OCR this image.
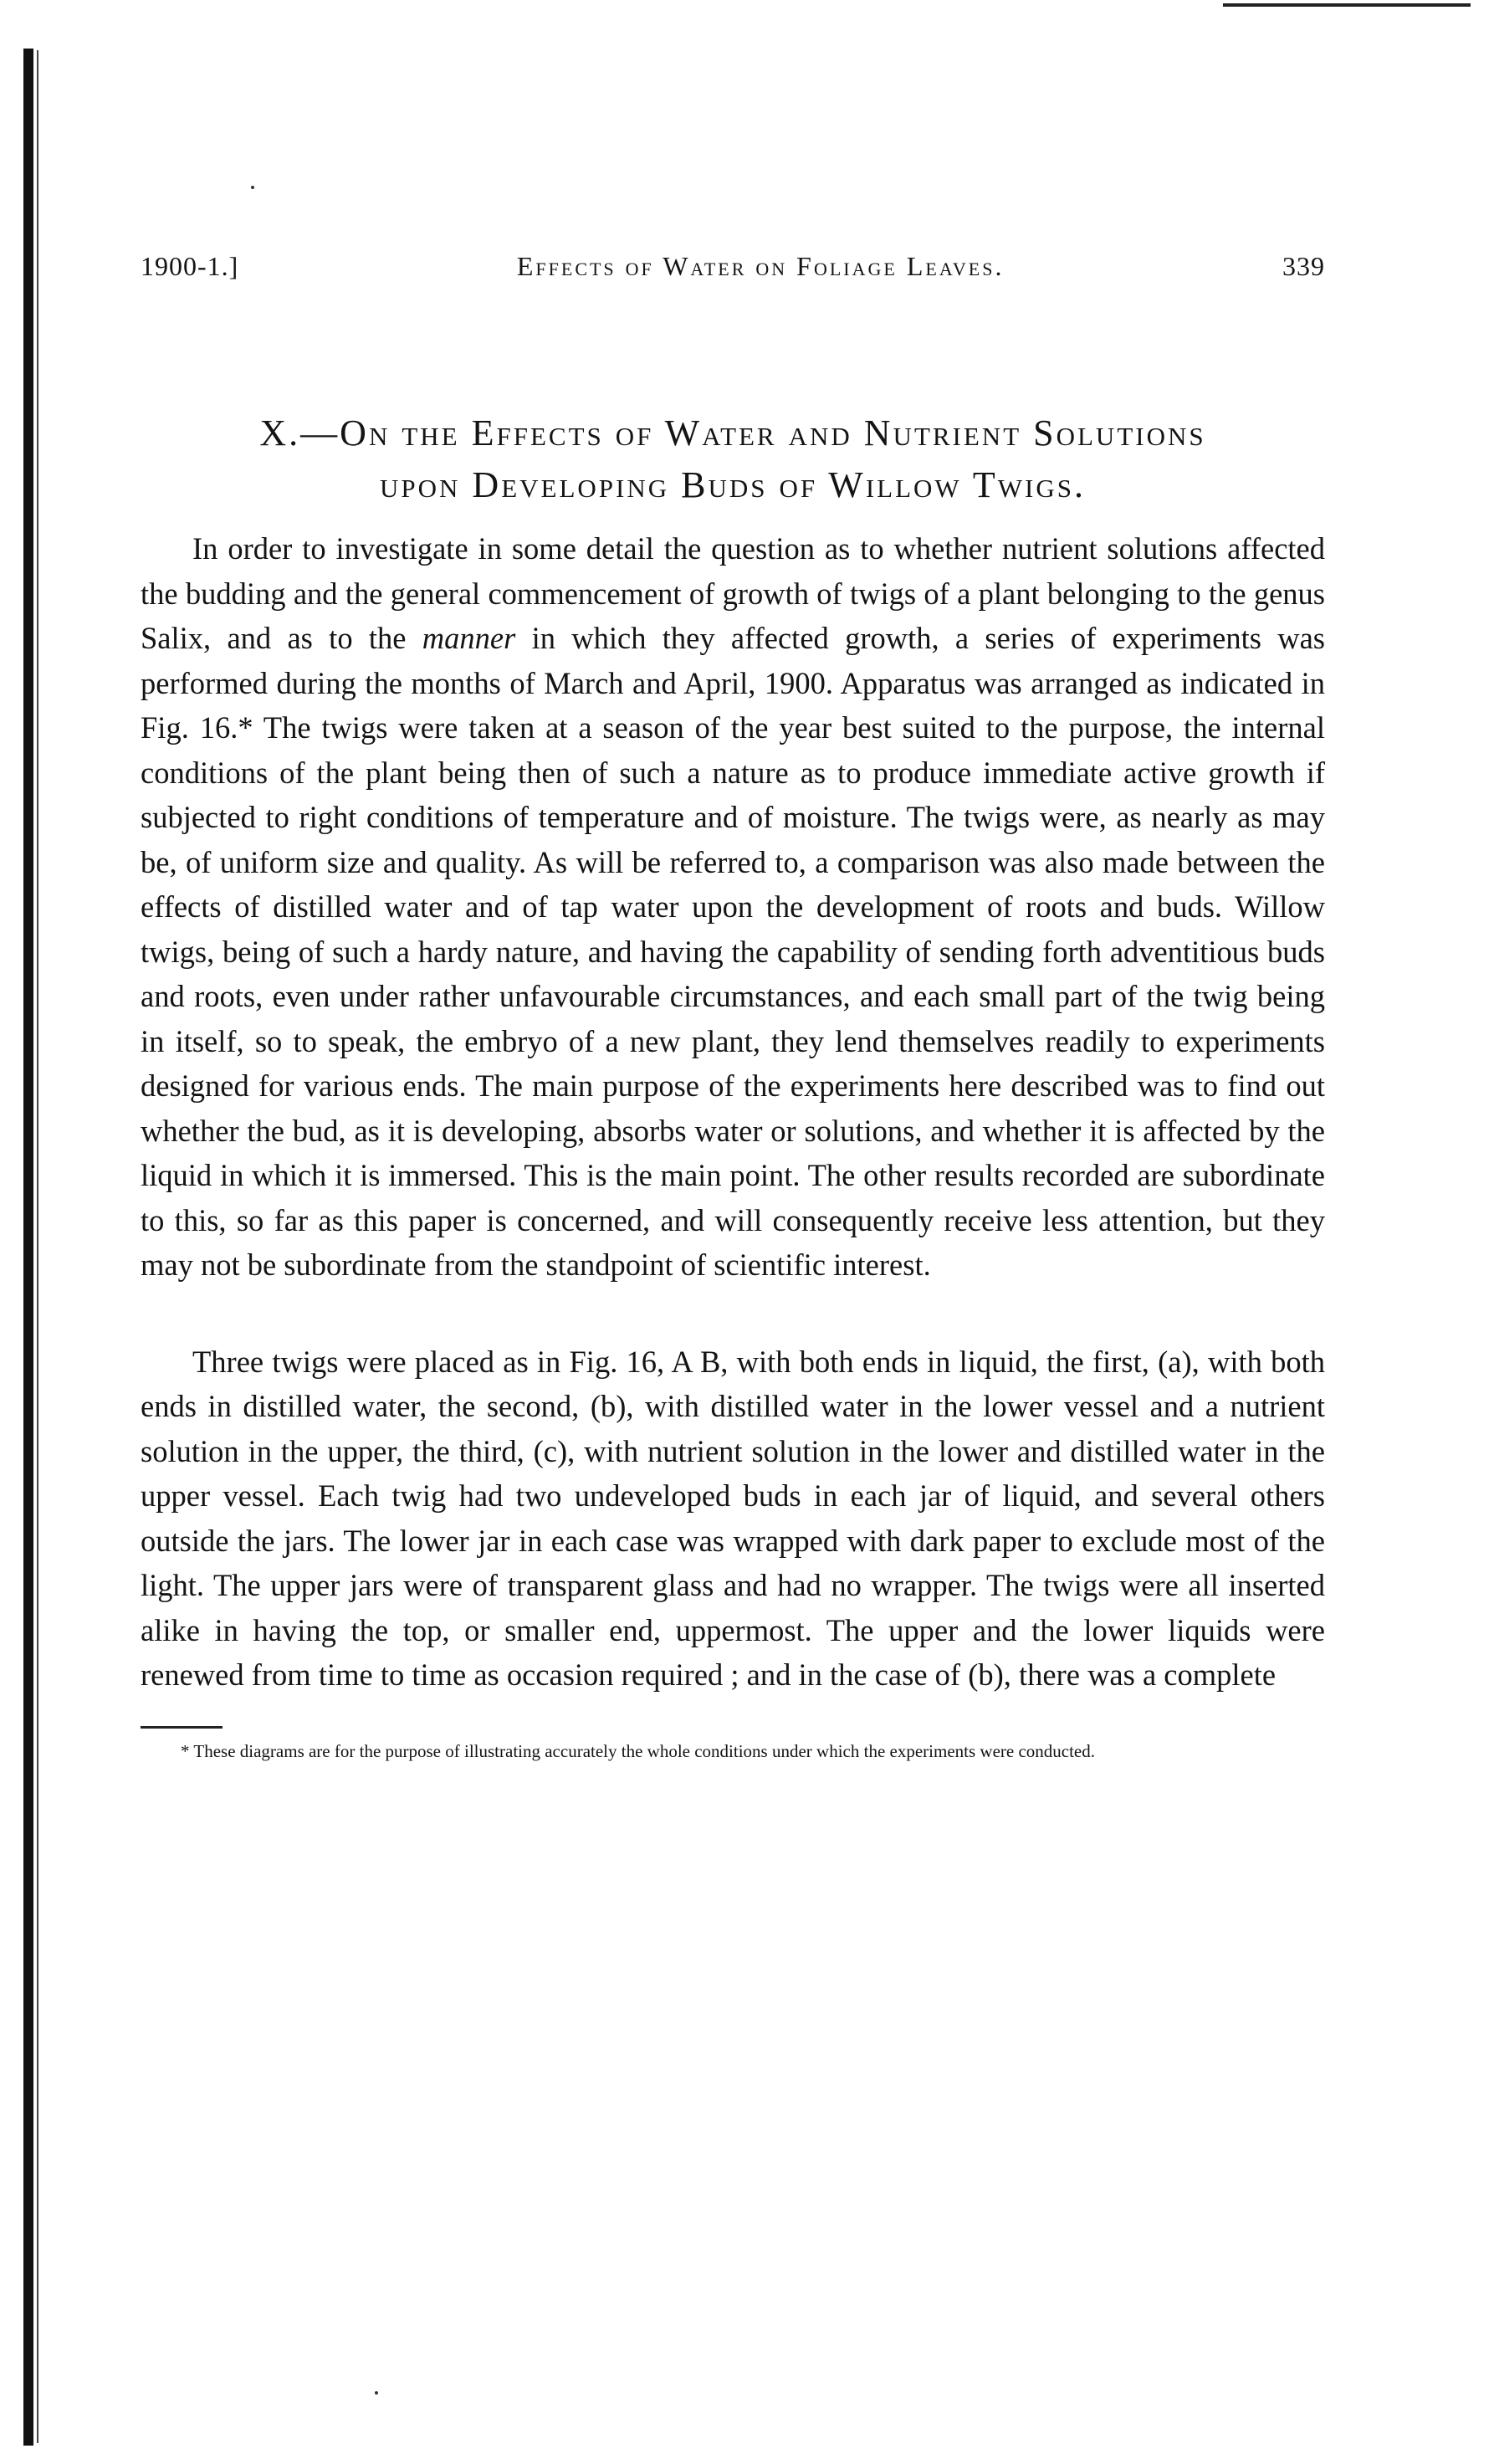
1900-1.]	Effects of Water on Foliage Leaves.	339
X.—On the Effects of Water and Nutrient Solutions
upon Developing Buds of Willow Twigs.

In order to investigate in some detail the question as to whether nutrient solutions affected the budding and the general commencement of growth of twigs of a plant belonging to the genus Salix, and as to the manner in which they affected growth, a series of experiments was performed during the months of March and April, 1900. Apparatus was arranged as indicated in Fig. 16.* The twigs were taken at a season of the year best suited to the purpose, the internal conditions of the plant being then of such a nature as to produce immediate active growth if subjected to right conditions of temperature and of moisture. The twigs were, as nearly as may be, of uniform size and quality. As will be referred to, a comparison was also made between the effects of distilled water and of tap water upon the development of roots and buds. Willow twigs, being of such a hardy nature, and having the capability of sending forth adventitious buds and roots, even under rather unfavourable circumstances, and each small part of the twig being in itself, so to speak, the embryo of a new plant, they lend themselves readily to experiments designed for various ends. The main purpose of the experiments here described was to find out whether the bud, as it is developing, absorbs water or solutions, and whether it is affected by the liquid in which it is immersed. This is the main point. The other results recorded are subordinate to this, so far as this paper is concerned, and will consequently receive less attention, but they may not be subordinate from the standpoint of scientific interest.

Three twigs were placed as in Fig. 16, A B, with both ends in liquid, the first, (a), with both ends in distilled water, the second, (b), with distilled water in the lower vessel and a nutrient solution in the upper, the third, (c), with nutrient solution in the lower and distilled water in the upper vessel. Each twig had two undeveloped buds in each jar of liquid, and several others outside the jars. The lower jar in each case was wrapped with dark paper to exclude most of the light. The upper jars were of transparent glass and had no wrapper. The twigs were all inserted alike in having the top, or smaller end, uppermost. The upper and the lower liquids were renewed from time to time as occasion required ; and in the case of (b), there was a complete

* These diagrams are for the purpose of illustrating accurately the whole conditions under which the experiments were conducted.
